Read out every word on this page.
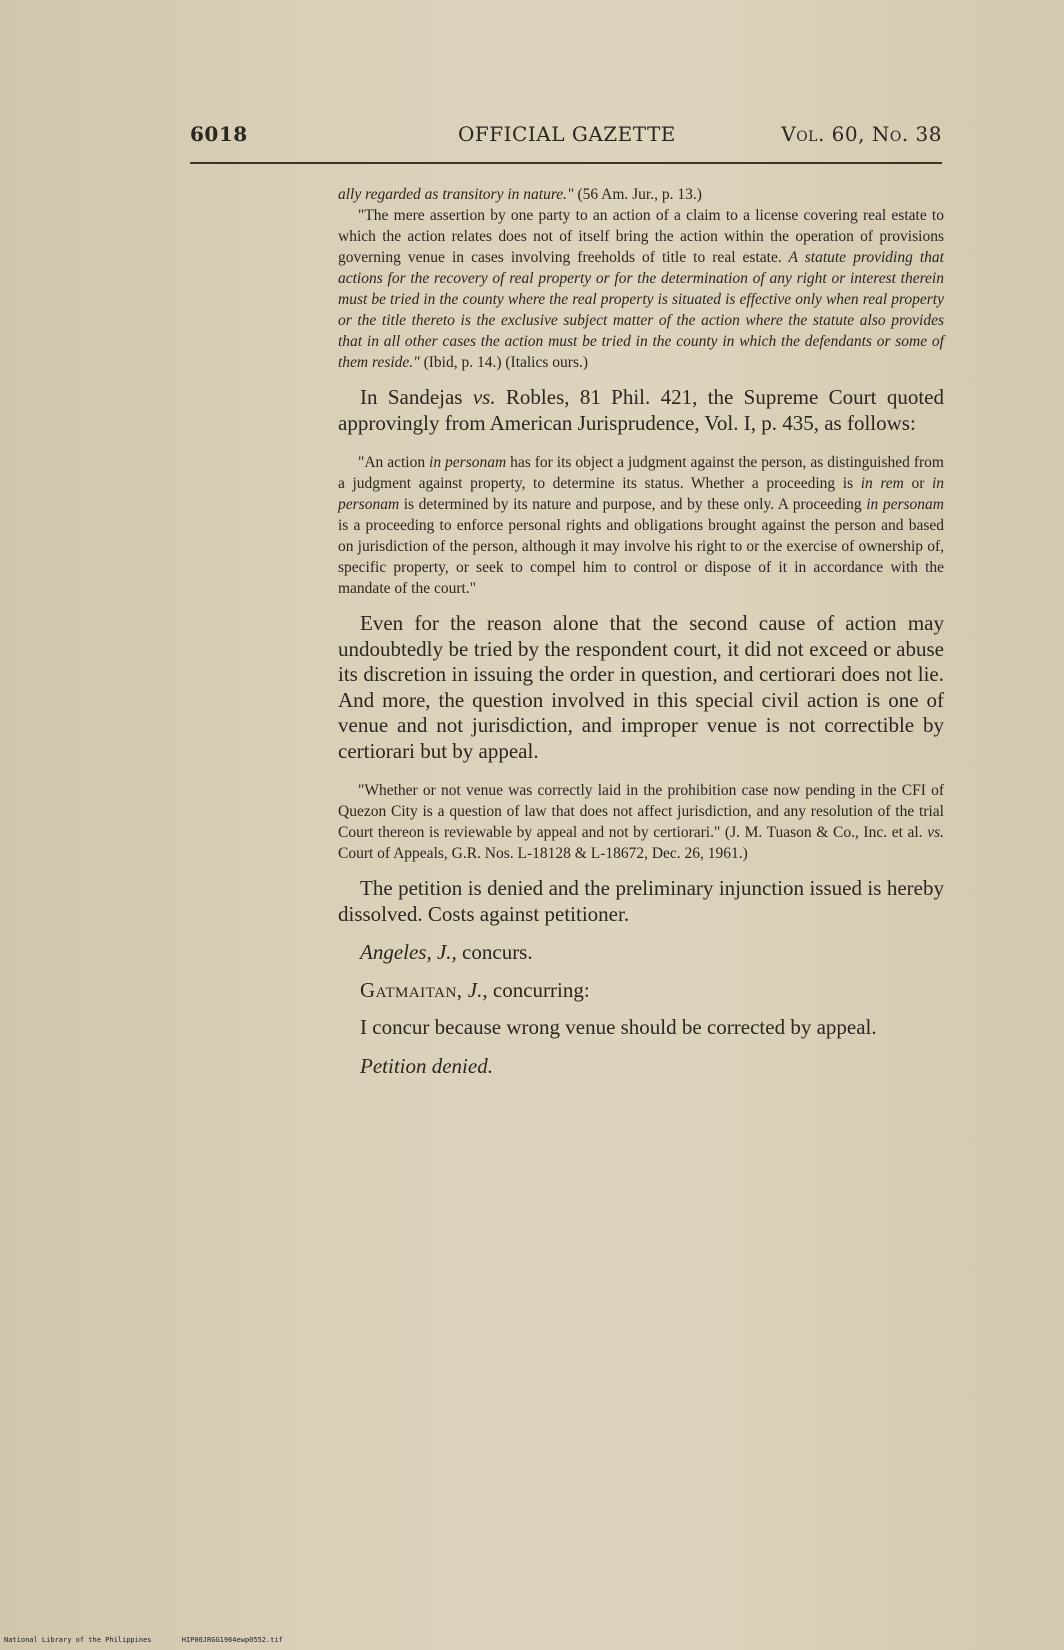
6018	OFFICIAL GAZETTE	Vol. 60, No. 38

ally regarded as transitory in nature." (56 Am. Jur., p. 13.)

"The mere assertion by one party to an action of a claim to a license covering real estate to which the action relates does not of itself bring the action within the operation of provisions governing venue in cases involving freeholds of title to real estate. A statute providing that actions for the recovery of real property or for the determination of any right or interest therein must be tried in the county where the real property is situated is effective only when real property or the title thereto is the exclusive subject matter of the action where the statute also provides that in all other cases the action must be tried in the county in which the defendants or some of them reside." (Ibid, p. 14.) (Italics ours.)

In Sandejas vs. Robles, 81 Phil. 421, the Supreme Court quoted approvingly from American Jurisprudence, Vol. I, p. 435, as follows:

"An action in personam has for its object a judgment against the person, as distinguished from a judgment against property, to determine its status. Whether a proceeding is in rem or in personam is determined by its nature and purpose, and by these only. A proceeding in personam is a proceeding to enforce personal rights and obligations brought against the person and based on jurisdiction of the person, although it may involve his right to or the exercise of ownership of, specific property, or seek to compel him to control or dispose of it in accordance with the mandate of the court."

Even for the reason alone that the second cause of action may undoubtedly be tried by the respondent court, it did not exceed or abuse its discretion in issuing the order in question, and certiorari does not lie. And more, the question involved in this special civil action is one of venue and not jurisdiction, and improper venue is not correctible by certiorari but by appeal.

"Whether or not venue was correctly laid in the prohibition case now pending in the CFI of Quezon City is a question of law that does not affect jurisdiction, and any resolution of the trial Court thereon is reviewable by appeal and not by certiorari." (J. M. Tuason & Co., Inc. et al. vs. Court of Appeals, G.R. Nos. L-18128 & L-18672, Dec. 26, 1961.)

The petition is denied and the preliminary injunction issued is hereby dissolved. Costs against petitioner.

Angeles, J., concurs.

Gatmaitan, J., concurring:

I concur because wrong venue should be corrected by appeal.

Petition denied.

National Library of the Philippines	HIP00JRGG1964ewp0552.tif
